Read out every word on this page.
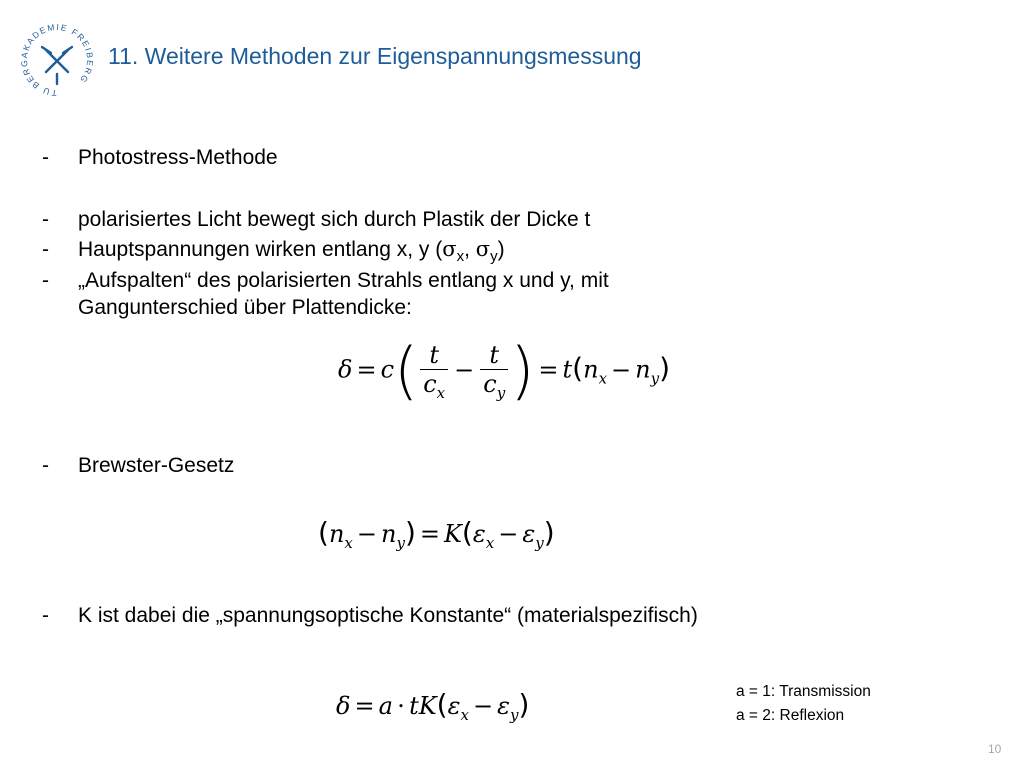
TU BERGAKADEMIE FREIBERG
11. Weitere Methoden zur Eigenspannungsmessung
- Photostress-Methode
- polarisiertes Licht bewegt sich durch Plastik der Dicke t
- Hauptspannungen wirken entlang x, y ($\sigma_x$, $\sigma_y$)
- „Aufspalten“ des polarisierten Strahls entlang x und y, mit
Gangunterschied über Plattendicke:
$\delta = c( \frac{t}{c_x} - \frac{t}{c_y}$ ) = $t(n_x - n_y)$
- Brewster-Gesetz
$(n_x - n_y) = K(\varepsilon_x - \varepsilon_y)$
- K ist dabei die „spannungsoptische Konstante“ (materialspezifisch)
$\delta = a \cdot tK(\varepsilon_x - \varepsilon_y)$	a = 1: Transmission
a = 2: Reflexion
10
